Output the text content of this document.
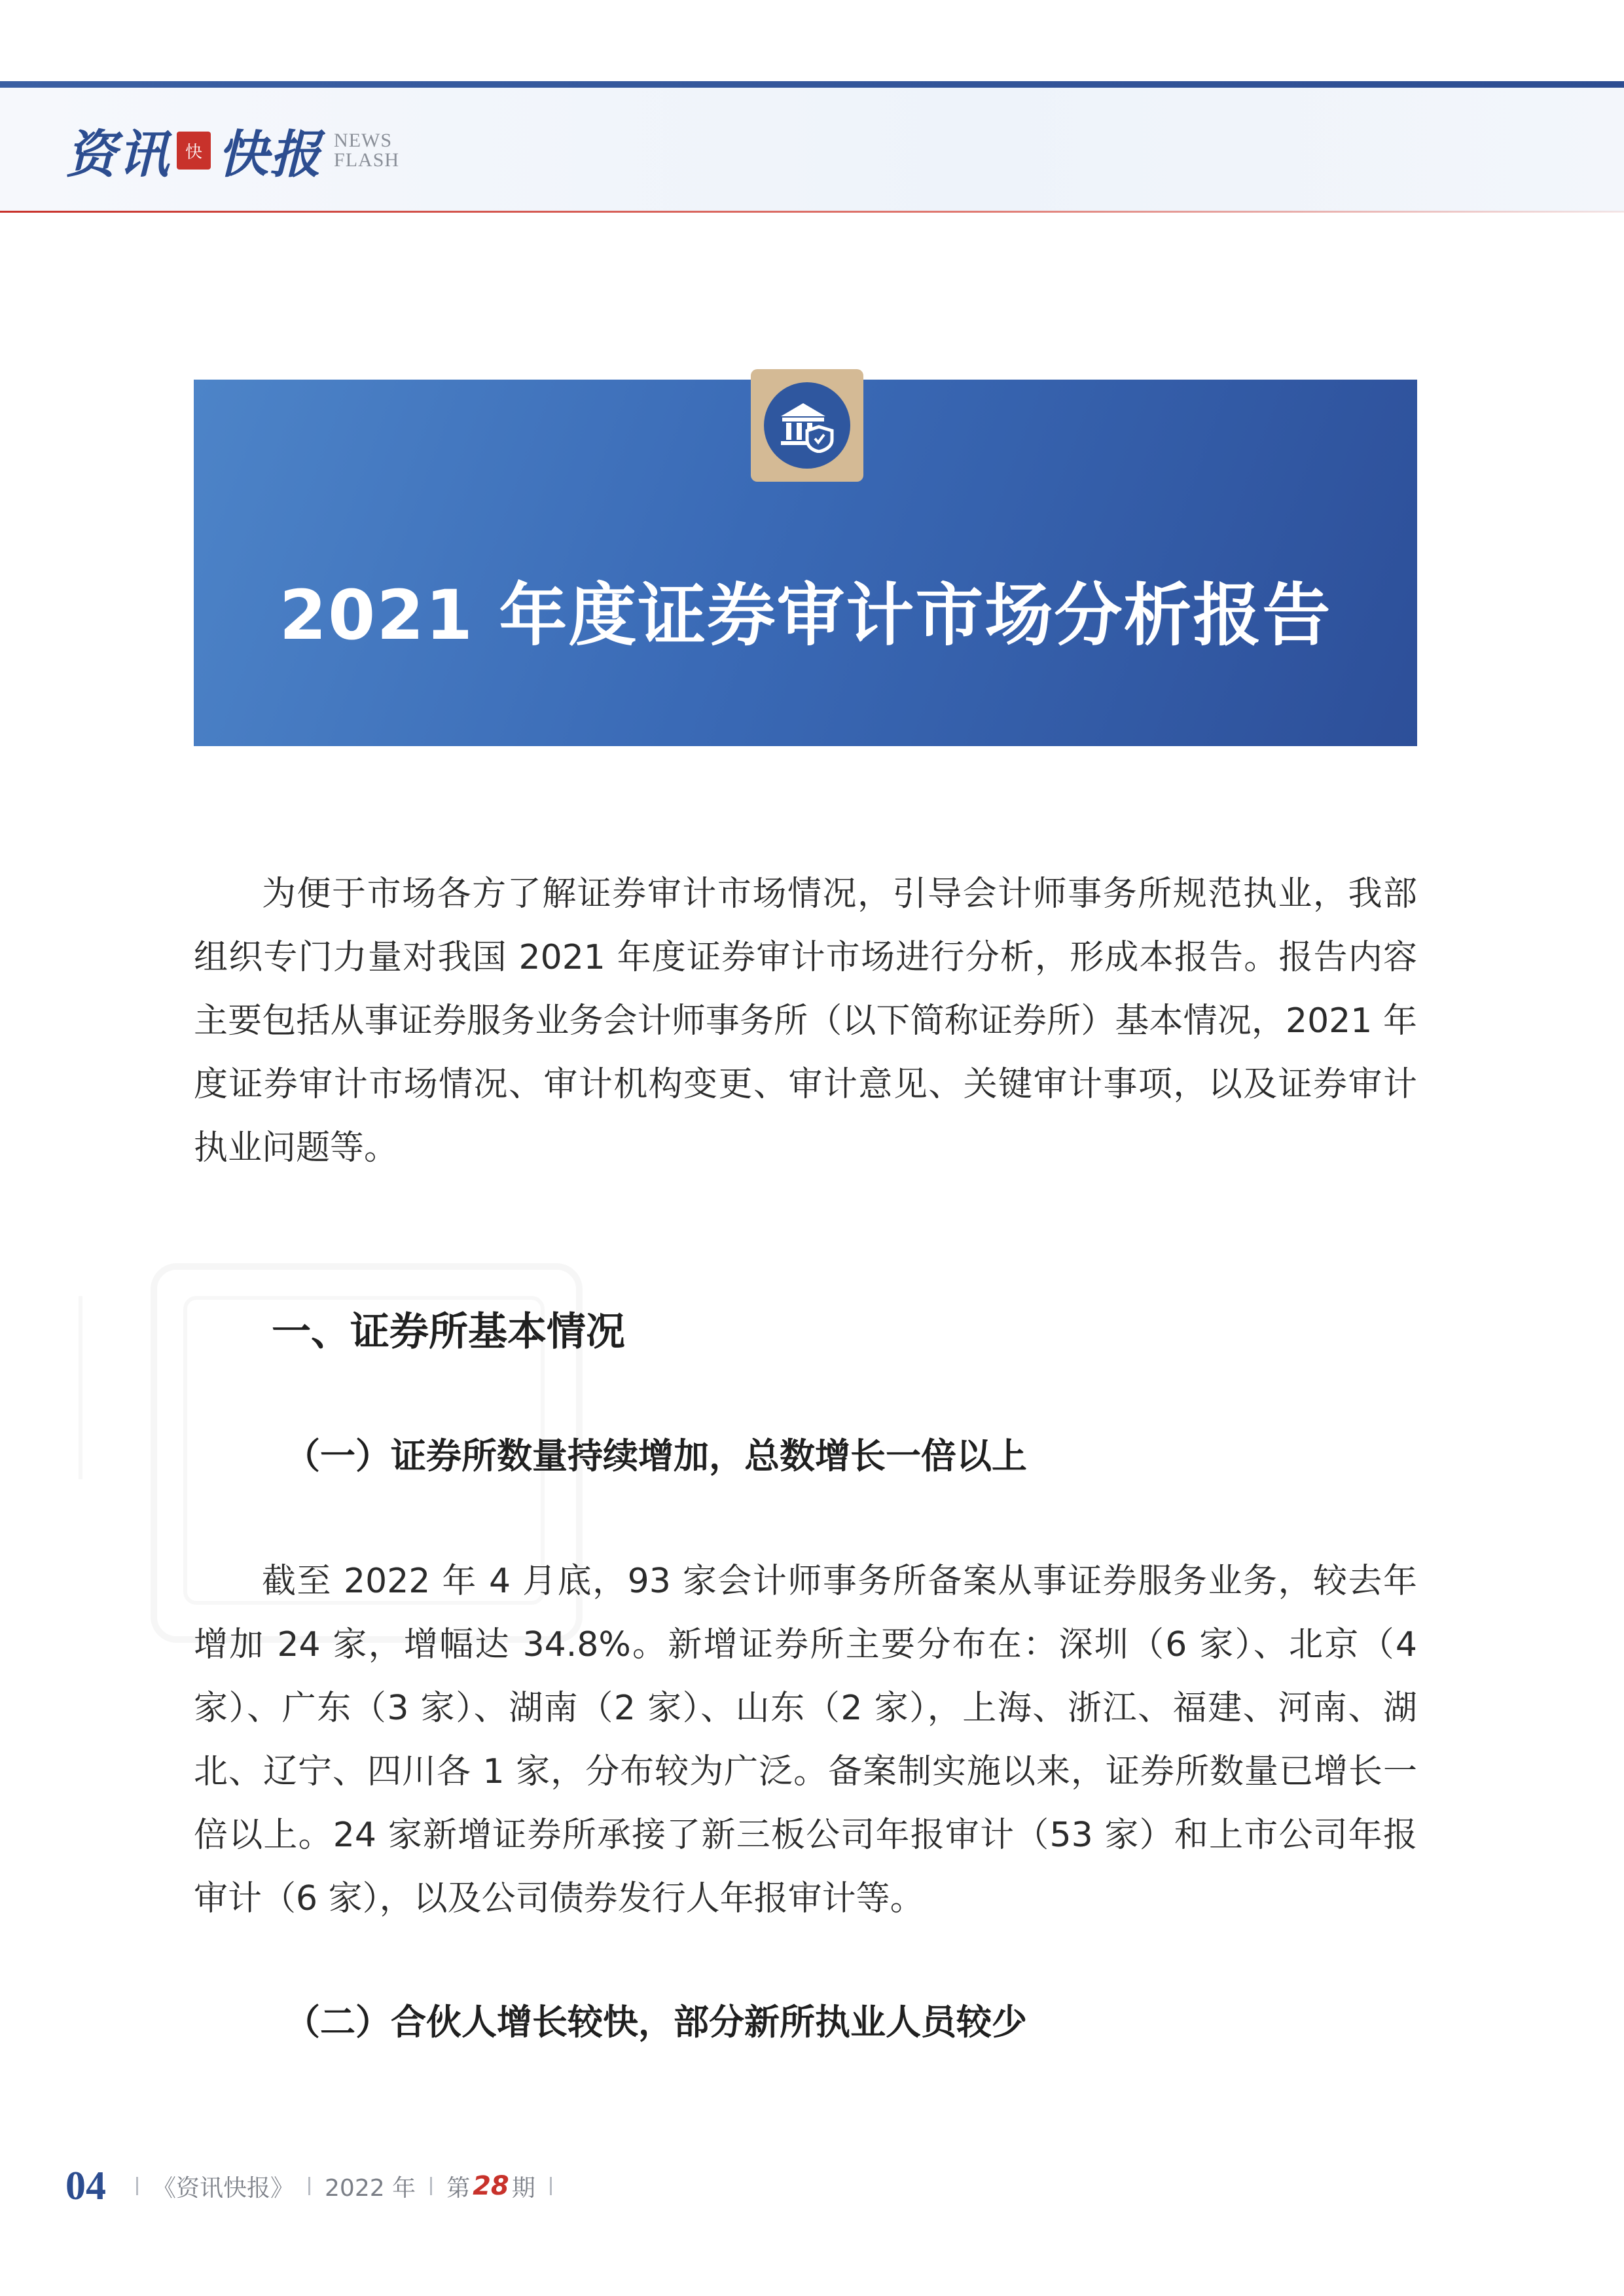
资讯 快 快报 NEWS
FLASH
2021 年度证券审计市场分析报告

为便于市场各方了解证券审计市场情况，引导会计师事务所规范执业，我部组织专门力量对我国 2021 年度证券审计市场进行分析，形成本报告。报告内容主要包括从事证券服务业务会计师事务所（以下简称证券所）基本情况，2021 年度证券审计市场情况、审计机构变更、审计意见、关键审计事项，以及证券审计执业问题等。

一、证券所基本情况
（一）证券所数量持续增加，总数增长一倍以上

截至 2022 年 4 月底，93 家会计师事务所备案从事证券服务业务，较去年增加 24 家，增幅达 34.8%。新增证券所主要分布在：深圳（6 家）、北京（4 家）、广东（3 家）、湖南（2 家）、山东（2 家），上海、浙江、福建、河南、湖北、辽宁、四川各 1 家，分布较为广泛。备案制实施以来，证券所数量已增长一倍以上。24 家新增证券所承接了新三板公司年报审计（53 家）和上市公司年报审计（6 家），以及公司债券发行人年报审计等。

（二）合伙人增长较快，部分新所执业人员较少
04 《资讯快报》 2022 年 第 28 期
